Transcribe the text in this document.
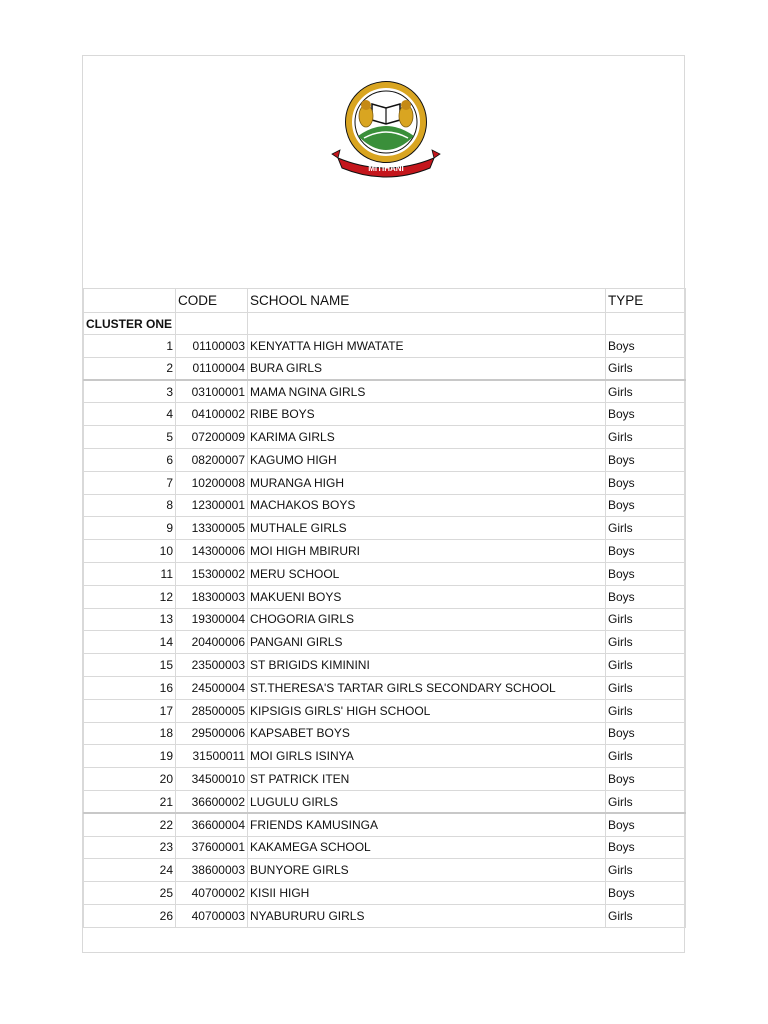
MITIHANI
	CODE	SCHOOL NAME	TYPE
CLUSTER ONE			
1	01100003	KENYATTA HIGH MWATATE	Boys
2	01100004	BURA GIRLS	Girls
3	03100001	MAMA NGINA GIRLS	Girls
4	04100002	RIBE BOYS	Boys
5	07200009	KARIMA GIRLS	Girls
6	08200007	KAGUMO HIGH	Boys
7	10200008	MURANGA HIGH	Boys
8	12300001	MACHAKOS BOYS	Boys
9	13300005	MUTHALE GIRLS	Girls
10	14300006	MOI HIGH MBIRURI	Boys
11	15300002	MERU SCHOOL	Boys
12	18300003	MAKUENI BOYS	Boys
13	19300004	CHOGORIA GIRLS	Girls
14	20400006	PANGANI GIRLS	Girls
15	23500003	ST BRIGIDS KIMININI	Girls
16	24500004	ST.THERESA'S TARTAR GIRLS SECONDARY SCHOOL	Girls
17	28500005	KIPSIGIS GIRLS' HIGH SCHOOL	Girls
18	29500006	KAPSABET BOYS	Boys
19	31500011	MOI GIRLS ISINYA	Girls
20	34500010	ST PATRICK ITEN	Boys
21	36600002	LUGULU GIRLS	Girls
22	36600004	FRIENDS KAMUSINGA	Boys
23	37600001	KAKAMEGA SCHOOL	Boys
24	38600003	BUNYORE GIRLS	Girls
25	40700002	KISII HIGH	Boys
26	40700003	NYABURURU GIRLS	Girls
